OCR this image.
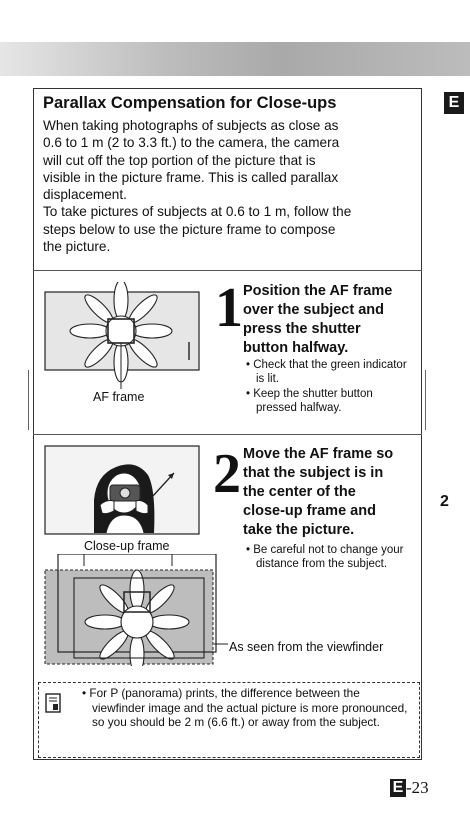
E
2
Parallax Compensation for Close-ups
When taking photographs of subjects as close as
0.6 to 1 m (2 to 3.3 ft.) to the camera, the camera
will cut off the top portion of the picture that is
visible in the picture frame. This is called parallax
displacement.
To take pictures of subjects at 0.6 to 1 m, follow the
steps below to use the picture frame to compose
the picture.
AF frame
1 Position the AF frame
over the subject and
press the shutter
button halfway.
• Check that the green indicator is lit.
• Keep the shutter button pressed halfway.
Close-up frame
As seen from the viewfinder
2 Move the AF frame so
that the subject is in
the center of the
close-up frame and
take the picture.
• Be careful not to change your distance from the subject.
• For P (panorama) prints, the difference between the viewfinder image and the actual picture is more pronounced, so you should be 2 m (6.6 ft.) or away from the subject.
E -23
